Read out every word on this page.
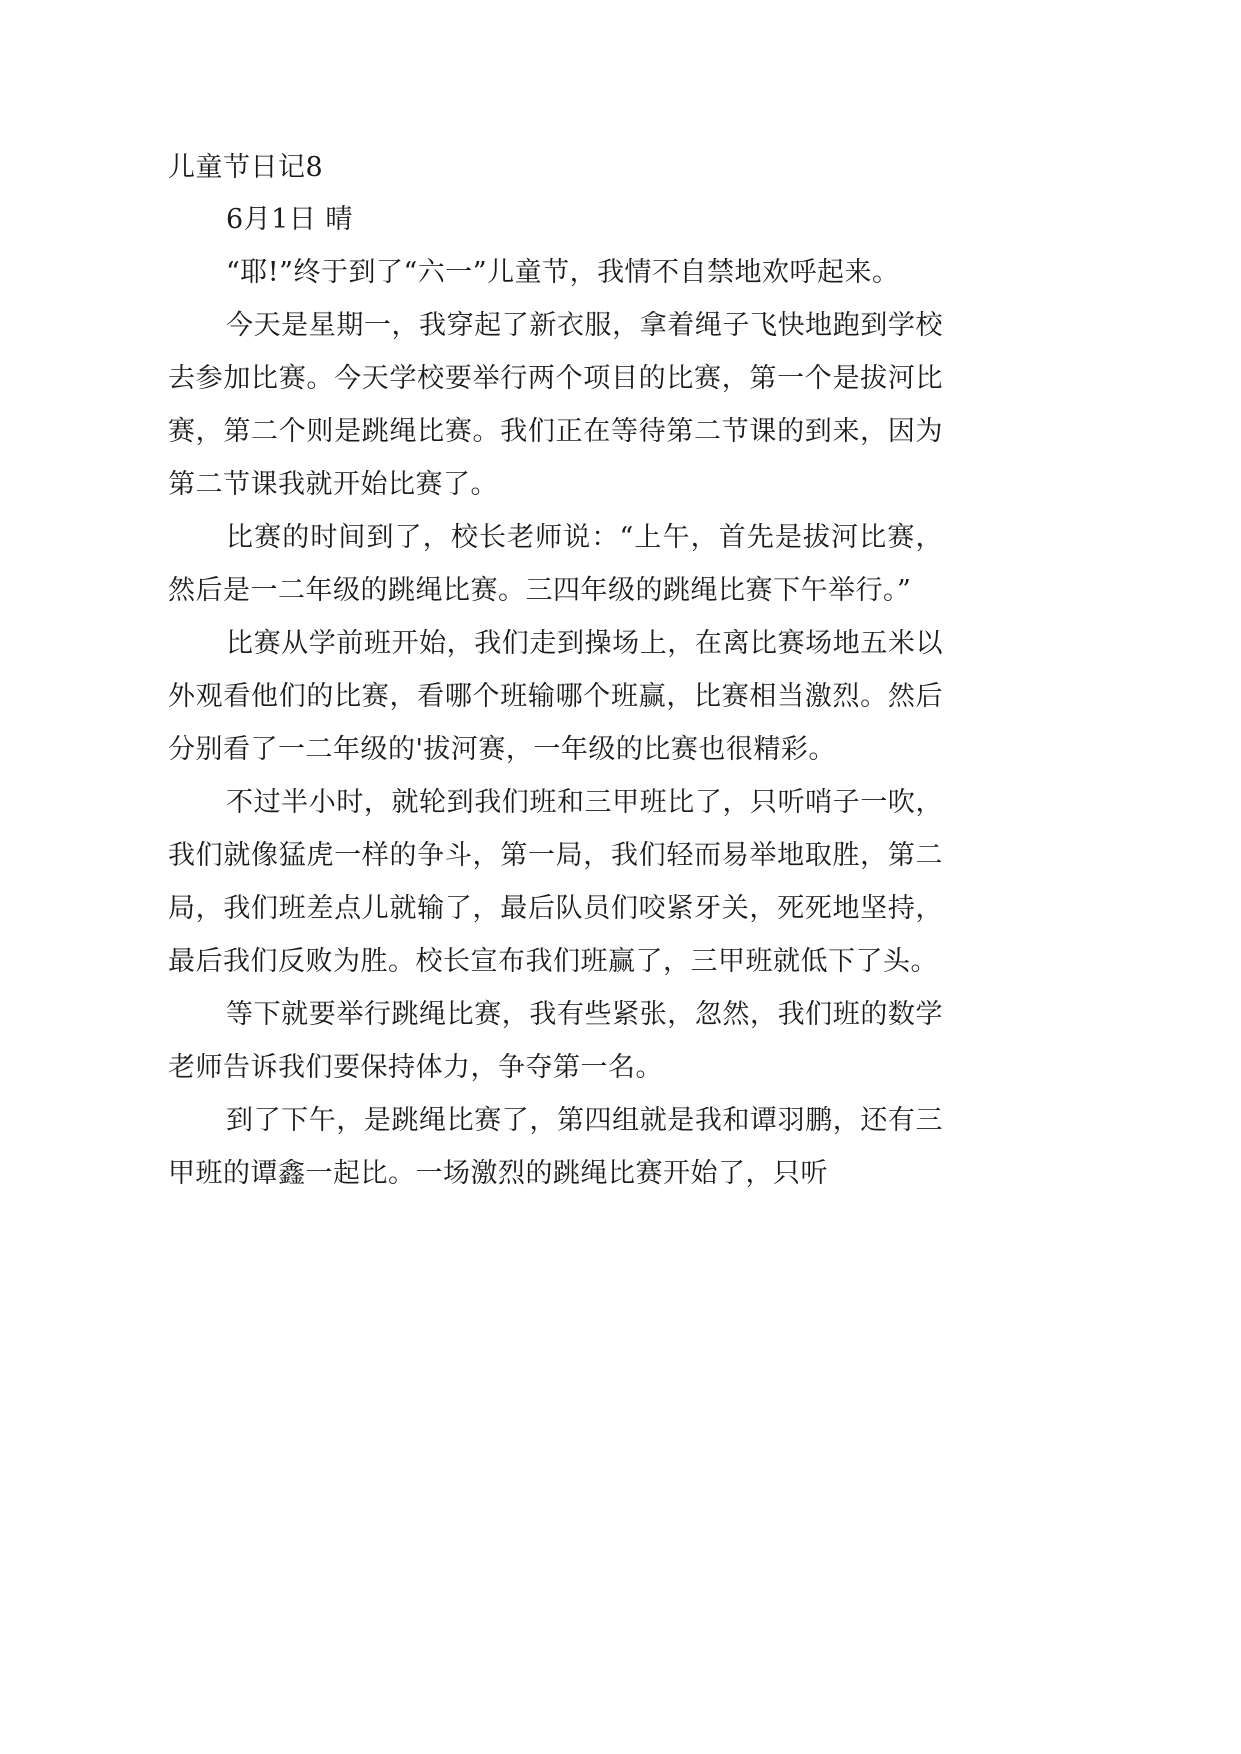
儿童节日记8

6月1日 晴

“耶!”终于到了“六一”儿童节，我情不自禁地欢呼起来。

今天是星期一，我穿起了新衣服，拿着绳子飞快地跑到学校去参加比赛。今天学校要举行两个项目的比赛，第一个是拔河比赛，第二个则是跳绳比赛。我们正在等待第二节课的到来，因为第二节课我就开始比赛了。

比赛的时间到了，校长老师说：“上午，首先是拔河比赛，然后是一二年级的跳绳比赛。三四年级的跳绳比赛下午举行。”

比赛从学前班开始，我们走到操场上，在离比赛场地五米以外观看他们的比赛，看哪个班输哪个班赢，比赛相当激烈。然后分别看了一二年级的'拔河赛，一年级的比赛也很精彩。

不过半小时，就轮到我们班和三甲班比了，只听哨子一吹，我们就像猛虎一样的争斗，第一局，我们轻而易举地取胜，第二局，我们班差点儿就输了，最后队员们咬紧牙关，死死地坚持，最后我们反败为胜。校长宣布我们班赢了，三甲班就低下了头。

等下就要举行跳绳比赛，我有些紧张，忽然，我们班的数学老师告诉我们要保持体力，争夺第一名。

到了下午，是跳绳比赛了，第四组就是我和谭羽鹏，还有三甲班的谭鑫一起比。一场激烈的跳绳比赛开始了，只听
